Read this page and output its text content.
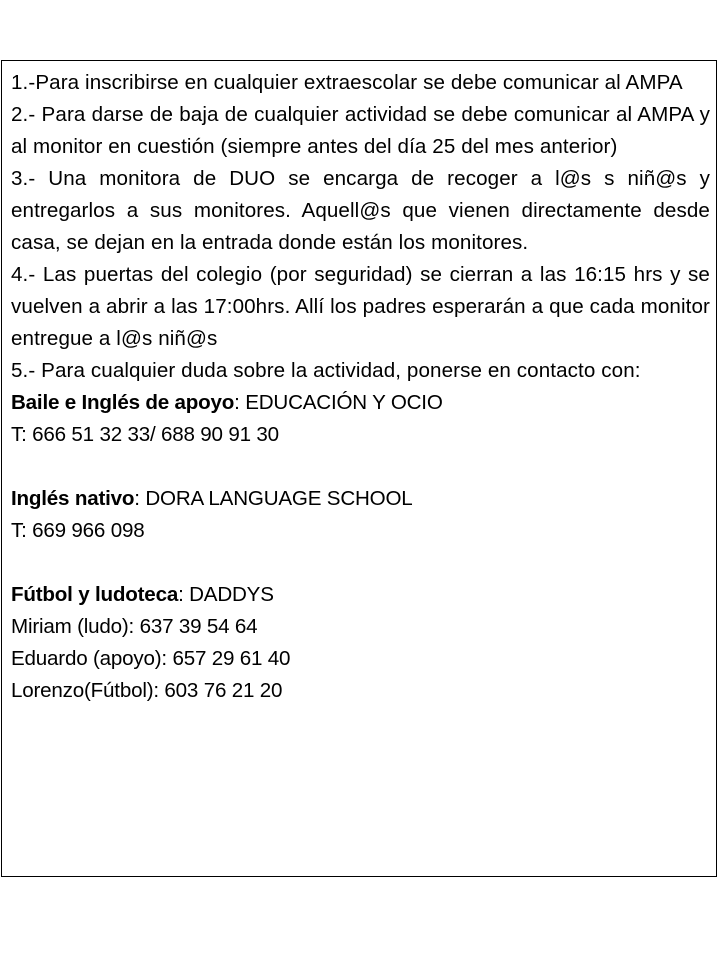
1.-Para inscribirse en cualquier extraescolar se debe comunicar al AMPA

2.- Para darse de baja de cualquier actividad se debe comunicar al AMPA y al monitor en cuestión (siempre antes del día 25 del mes anterior)

3.- Una monitora de DUO se encarga de recoger a l@s s niñ@s y entregarlos a sus monitores. Aquell@s que vienen directamente desde casa, se dejan en la entrada donde están los monitores.

4.- Las puertas del colegio (por seguridad) se cierran a las 16:15 hrs y se vuelven a abrir a las 17:00hrs. Allí los padres esperarán a que cada monitor entregue a l@s niñ@s

5.- Para cualquier duda sobre la actividad, ponerse en contacto con:

Baile e Inglés de apoyo: EDUCACIÓN Y OCIO

T: 666 51 32 33/ 688 90 91 30

Inglés nativo: DORA LANGUAGE SCHOOL

T: 669 966 098

Fútbol y ludoteca: DADDYS

Miriam (ludo): 637 39 54 64

Eduardo (apoyo): 657 29 61 40

Lorenzo(Fútbol): 603 76 21 20
